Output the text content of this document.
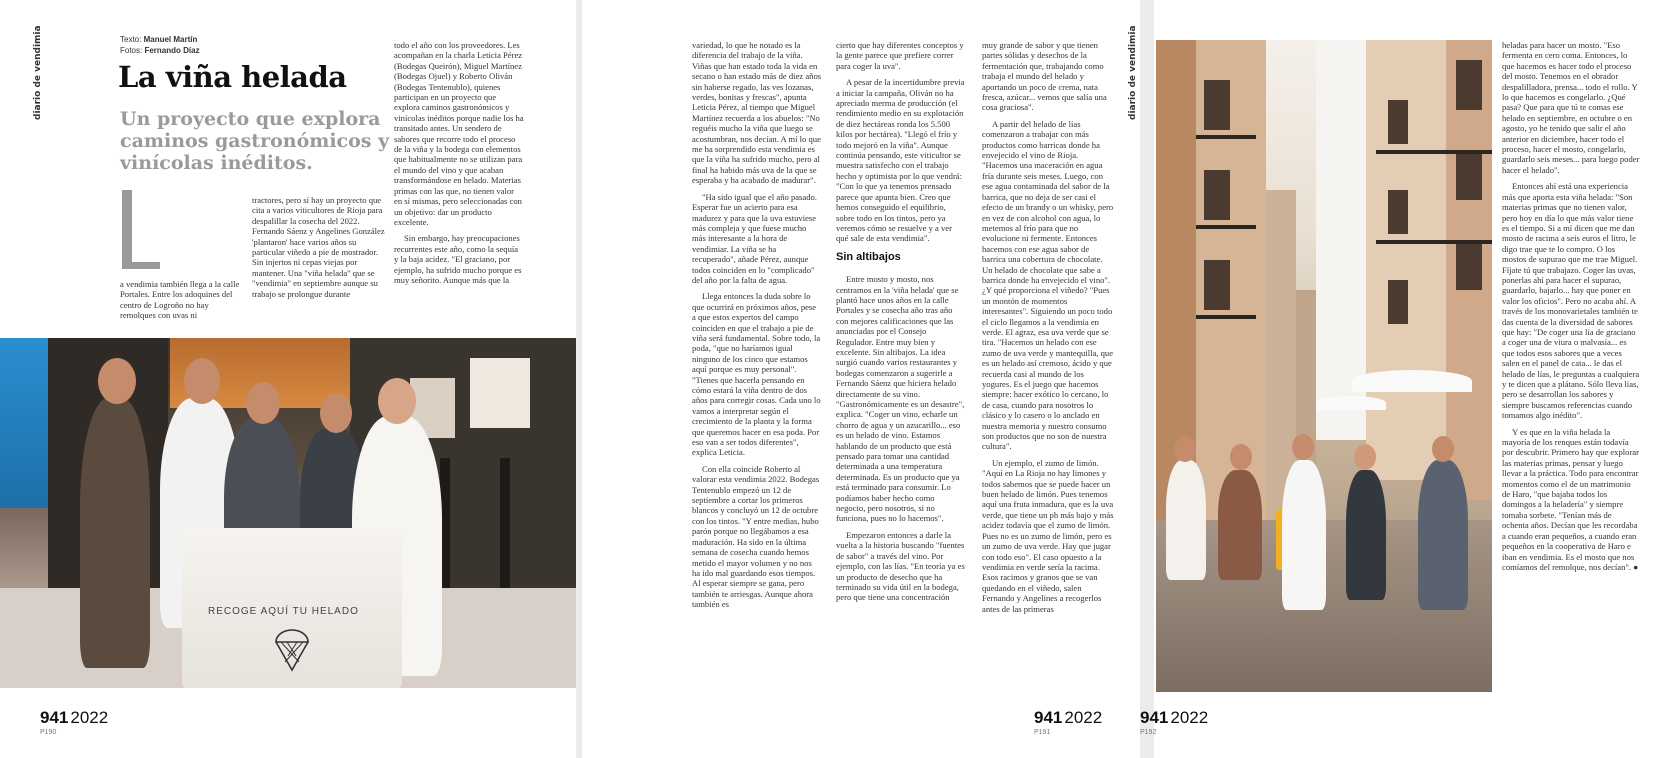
diario de vendimia	Texto: Manuel Martín
Fotos: Fernando Díaz
La viña helada
Un proyecto que explora caminos gastronómicos y vinícolas inéditos.

a vendimia también llega a la calle Portales. Entre los adoquines del centro de Logroño no hay remolques con uvas ni

tractores, pero sí hay un proyecto que cita a varios viticultores de Rioja para despalillar la cosecha del 2022. Fernando Sáenz y Angelines González 'plantaron' hace varios años su particular viñedo a pie de mostrador. Sin injertos ni cepas viejas por mantener. Una "viña helada" que se "vendimia" en septiembre aunque su trabajo se prolongue durante

todo el año con los proveedores. Les acompañan en la charla Leticia Pérez (Bodegas Queirón), Miguel Martínez (Bodegas Ojuel) y Roberto Oliván (Bodegas Tentenublo), quienes participan en un proyecto que explora caminos gastronómicos y vinícolas inéditos porque nadie los ha transitado antes. Un sendero de sabores que recorre todo el proceso de la viña y la bodega con elementos que habitualmente no se utilizan para el mundo del vino y que acaban transformándose en helado. Materias primas con las que, no tienen valor en sí mismas, pero seleccionadas con un objetivo: dar un producto excelente.

Sin embargo, hay preocupaciones recurrentes este año, como la sequía y la baja acidez. "El graciano, por ejemplo, ha sufrido mucho porque es muy señorito. Aunque más que la

RECOGE AQUÍ TU HELADO
941 2022
P190

variedad, lo que he notado es la diferencia del trabajo de la viña. Viñas que han estado toda la vida en secano o han estado más de diez años sin haberse regado, las ves lozanas, verdes, bonitas y frescas", apunta Leticia Pérez, al tiempo que Miguel Martínez recuerda a los abuelos: "No reguéis mucho la viña que luego se acostumbran, nos decían. A mí lo que me ha sorprendido esta vendimia es que la viña ha sufrido mucho, pero al final ha habido más uva de la que se esperaba y ha acabado de madurar".

"Ha sido igual que el año pasado. Esperar fue un acierto para esa madurez y para que la uva estuviese más compleja y que fuese mucho más interesante a la hora de vendimiar. La viña se ha recuperado", añade Pérez, aunque todos coinciden en lo "complicado" del año por la falta de agua.

Llega entonces la duda sobre lo que ocurrirá en próximos años, pese a que estos expertos del campo coinciden en que el trabajo a pie de viña será fundamental. Sobre todo, la poda, "que no haríamos igual ninguno de los cinco que estamos aquí porque es muy personal". "Tienes que hacerla pensando en cómo estará la viña dentro de dos años para corregir cosas. Cada uno lo vamos a interpretar según el crecimiento de la planta y la forma que queremos hacer en esa poda. Por eso van a ser todos diferentes", explica Leticia.

Con ella coincide Roberto al valorar esta vendimia 2022. Bodegas Tentenublo empezó un 12 de septiembre a cortar los primeros blancos y concluyó un 12 de octubre con los tintos. "Y entre medias, hubo parón porque no llegábamos a esa maduración. Ha sido en la última semana de cosecha cuando hemos metido el mayor volumen y no nos ha ido mal guardando esos tiempos. Al esperar siempre se gana, pero también te arriesgas. Aunque ahora también es

cierto que hay diferentes conceptos y la gente parece que prefiere correr para coger la uva".

A pesar de la incertidumbre previa a iniciar la campaña, Oliván no ha apreciado merma de producción (el rendimiento medio en su explotación de diez hectáreas ronda los 5.500 kilos por hectárea). "Llegó el frío y todo mejoró en la viña". Aunque continúa pensando, este viticultor se muestra satisfecho con el trabajo hecho y optimista por lo que vendrá: "Con lo que ya tenemos prensado parece que apunta bien. Creo que hemos conseguido el equilibrio, sobre todo en los tintos, pero ya veremos cómo se resuelve y a ver qué sale de esta vendimia".

Sin altibajos

Entre mosto y mosto, nos centramos en la 'viña helada' que se plantó hace unos años en la calle Portales y se cosecha año tras año con mejores calificaciones que las anunciadas por el Consejo Regulador. Entre muy bien y excelente. Sin altibajos. La idea surgió cuando varios restaurantes y bodegas comenzaron a sugerirle a Fernando Sáenz que hiciera helado directamente de su vino. "Gastronómicamente es un desastre", explica. "Coger un vino, echarle un chorro de agua y un azucarillo... eso es un helado de vino. Estamos hablando de un producto que está pensado para tomar una cantidad determinada a una temperatura determinada. Es un producto que ya está terminado para consumir. Lo podíamos haber hecho como negocio, pero nosotros, si no funciona, pues no lo hacemos".

Empezaron entonces a darle la vuelta a la historia buscando "fuentes de sabor" a través del vino. Por ejemplo, con las lías. "En teoría ya es un producto de desecho que ha terminado su vida útil en la bodega, pero que tiene una concentración

muy grande de sabor y que tienen partes sólidas y desechos de la fermentación que, trabajando como trabaja el mundo del helado y aportando un poco de crema, nata fresca, azúcar... vemos que salía una cosa graciosa".

A partir del helado de lías comenzaron a trabajar con más productos como barricas donde ha envejecido el vino de Rioja. "Hacemos una maceración en agua fría durante seis meses. Luego, con ese agua contaminada del sabor de la barrica, que no deja de ser casi el efecto de un brandy o un whisky, pero en vez de con alcohol con agua, lo metemos al frío para que no evolucione ni fermente. Entonces hacemos con ese agua sabor de barrica una cobertura de chocolate. Un helado de chocolate que sabe a barrica donde ha envejecido el vino". ¿Y qué proporciona el viñedo? "Pues un montón de momentos interesantes". Siguiendo un poco todo el ciclo llegamos a la vendimia en verde. El agraz, esa uva verde que se tira. "Hacemos un helado con ese zumo de uva verde y mantequilla, que es un helado así cremoso, ácido y que recuerda casi al mundo de los yogures. Es el juego que hacemos siempre: hacer exótico lo cercano, lo de casa, cuando para nosotros lo clásico y lo casero o lo anclado en nuestra memoria y nuestro consumo son productos que no son de nuestra cultura".

Un ejemplo, el zumo de limón. "Aquí en La Rioja no hay limones y todos sabemos que se puede hacer un buen helado de limón. Pues tenemos aquí una fruta inmadura, que es la uva verde, que tiene un ph más bajo y más acidez todavía que el zumo de limón. Pues no es un zumo de limón, pero es un zumo de uva verde. Hay que jugar con todo eso". El caso opuesto a la vendimia en verde sería la racima. Esos racimos y granos que se van quedando en el viñedo, salen Fernando y Angelines a recogerlos antes de las primeras

941 2022
P191
diario de vendimia	heladas para hacer un mosto. "Eso fermenta en cero coma. Entonces, lo que hacemos es hacer todo el proceso del mosto. Tenemos en el obrador despalilladora, prensa... todo el rollo. Y lo que hacemos es congelarlo. ¿Qué pasa? Que para que tú te comas ese helado en septiembre, en octubre o en agosto, yo he tenido que salir el año anterior en diciembre, hacer todo el proceso, hacer el mosto, congelarlo, guardarlo seis meses... para luego poder hacer el helado".

Entonces ahí está una experiencia más que aporta esta viña helada: "Son materias primas que no tienen valor, pero hoy en día lo que más valor tiene es el tiempo. Si a mí dicen que me dan mosto de racima a seis euros el litro, le digo trae que te lo compro. O los mostos de supurao que me trae Miguel. Fíjate tú que trabajazo. Coger las uvas, ponerlas ahí para hacer el supurao, guardarlo, bajarlo... hay que poner en valor los oficios". Pero no acaba ahí. A través de los monovarietales también te das cuenta de la diversidad de sabores que hay: "De coger una lía de graciano a coger una de viura o malvasía... es que todos esos sabores que a veces salen en el panel de cata... le das el helado de lías, le preguntas a cualquiera y te dicen que a plátano. Sólo lleva lías, pero se desarrollan los sabores y siempre buscamos referencias cuando tomamos algo inédito".

Y es que en la viña helada la mayoría de los renques están todavía por descubrir. Primero hay que explorar las materias primas, pensar y luego llevar a la práctica. Todo para encontrar momentos como el de un matrimonio de Haro, "que bajaba todos los domingos a la heladería" y siempre tomaba sorbete. "Tenían más de ochenta años. Decían que les recordaba a cuando eran pequeños, a cuando eran pequeños en la cooperativa de Haro e iban en vendimia. Es el mosto que nos comíamos del remolque, nos decían". ●

941 2022
P192
